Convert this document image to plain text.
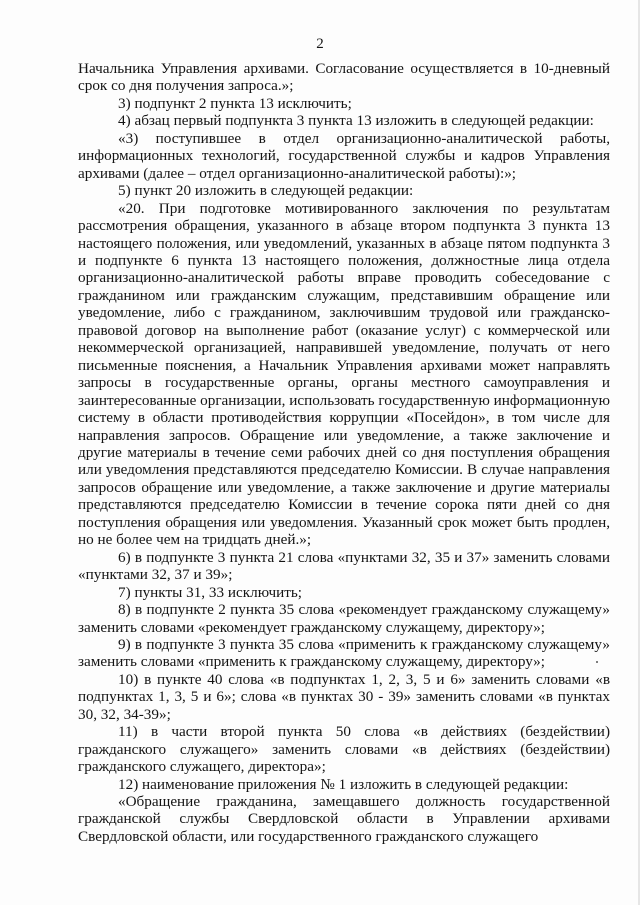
2

Начальника Управления архивами. Согласование осуществляется в 10-дневный срок со дня получения запроса.»;

3) подпункт 2 пункта 13 исключить;

4) абзац первый подпункта 3 пункта 13 изложить в следующей редакции:

«3) поступившее в отдел организационно-аналитической работы, информационных технологий, государственной службы и кадров Управления архивами (далее – отдел организационно-аналитической работы):»;

5) пункт 20 изложить в следующей редакции:

«20. При подготовке мотивированного заключения по результатам рассмотрения обращения, указанного в абзаце втором подпункта 3 пункта 13 настоящего положения, или уведомлений, указанных в абзаце пятом подпункта 3 и подпункте 6 пункта 13 настоящего положения, должностные лица отдела организационно-аналитической работы вправе проводить собеседование с гражданином или гражданским служащим, представившим обращение или уведомление, либо с гражданином, заключившим трудовой или гражданско-правовой договор на выполнение работ (оказание услуг) с коммерческой или некоммерческой организацией, направившей уведомление, получать от него письменные пояснения, а Начальник Управления архивами может направлять запросы в государственные органы, органы местного самоуправления и заинтересованные организации, использовать государственную информационную систему в области противодействия коррупции «Посейдон», в том числе для направления запросов. Обращение или уведомление, а также заключение и другие материалы в течение семи рабочих дней со дня поступления обращения или уведомления представляются председателю Комиссии. В случае направления запросов обращение или уведомление, а также заключение и другие материалы представляются председателю Комиссии в течение сорока пяти дней со дня поступления обращения или уведомления. Указанный срок может быть продлен, но не более чем на тридцать дней.»;

6) в подпункте 3 пункта 21 слова «пунктами 32, 35 и 37» заменить словами «пунктами 32, 37 и 39»;

7) пункты 31, 33 исключить;

8) в подпункте 2 пункта 35 слова «рекомендует гражданскому служащему» заменить словами «рекомендует гражданскому служащему, директору»;

9) в подпункте 3 пункта 35 слова «применить к гражданскому служащему» заменить словами «применить к гражданскому служащему, директору»;

10) в пункте 40 слова «в подпунктах 1, 2, 3, 5 и 6» заменить словами «в подпунктах 1, 3, 5 и 6»; слова «в пунктах 30 - 39» заменить словами «в пунктах 30, 32, 34-39»;

11) в части второй пункта 50 слова «в действиях (бездействии) гражданского служащего» заменить словами «в действиях (бездействии) гражданского служащего, директора»;

12) наименование приложения № 1 изложить в следующей редакции:

«Обращение гражданина, замещавшего должность государственной гражданской службы Свердловской области в Управлении архивами Свердловской области, или государственного гражданского служащего
